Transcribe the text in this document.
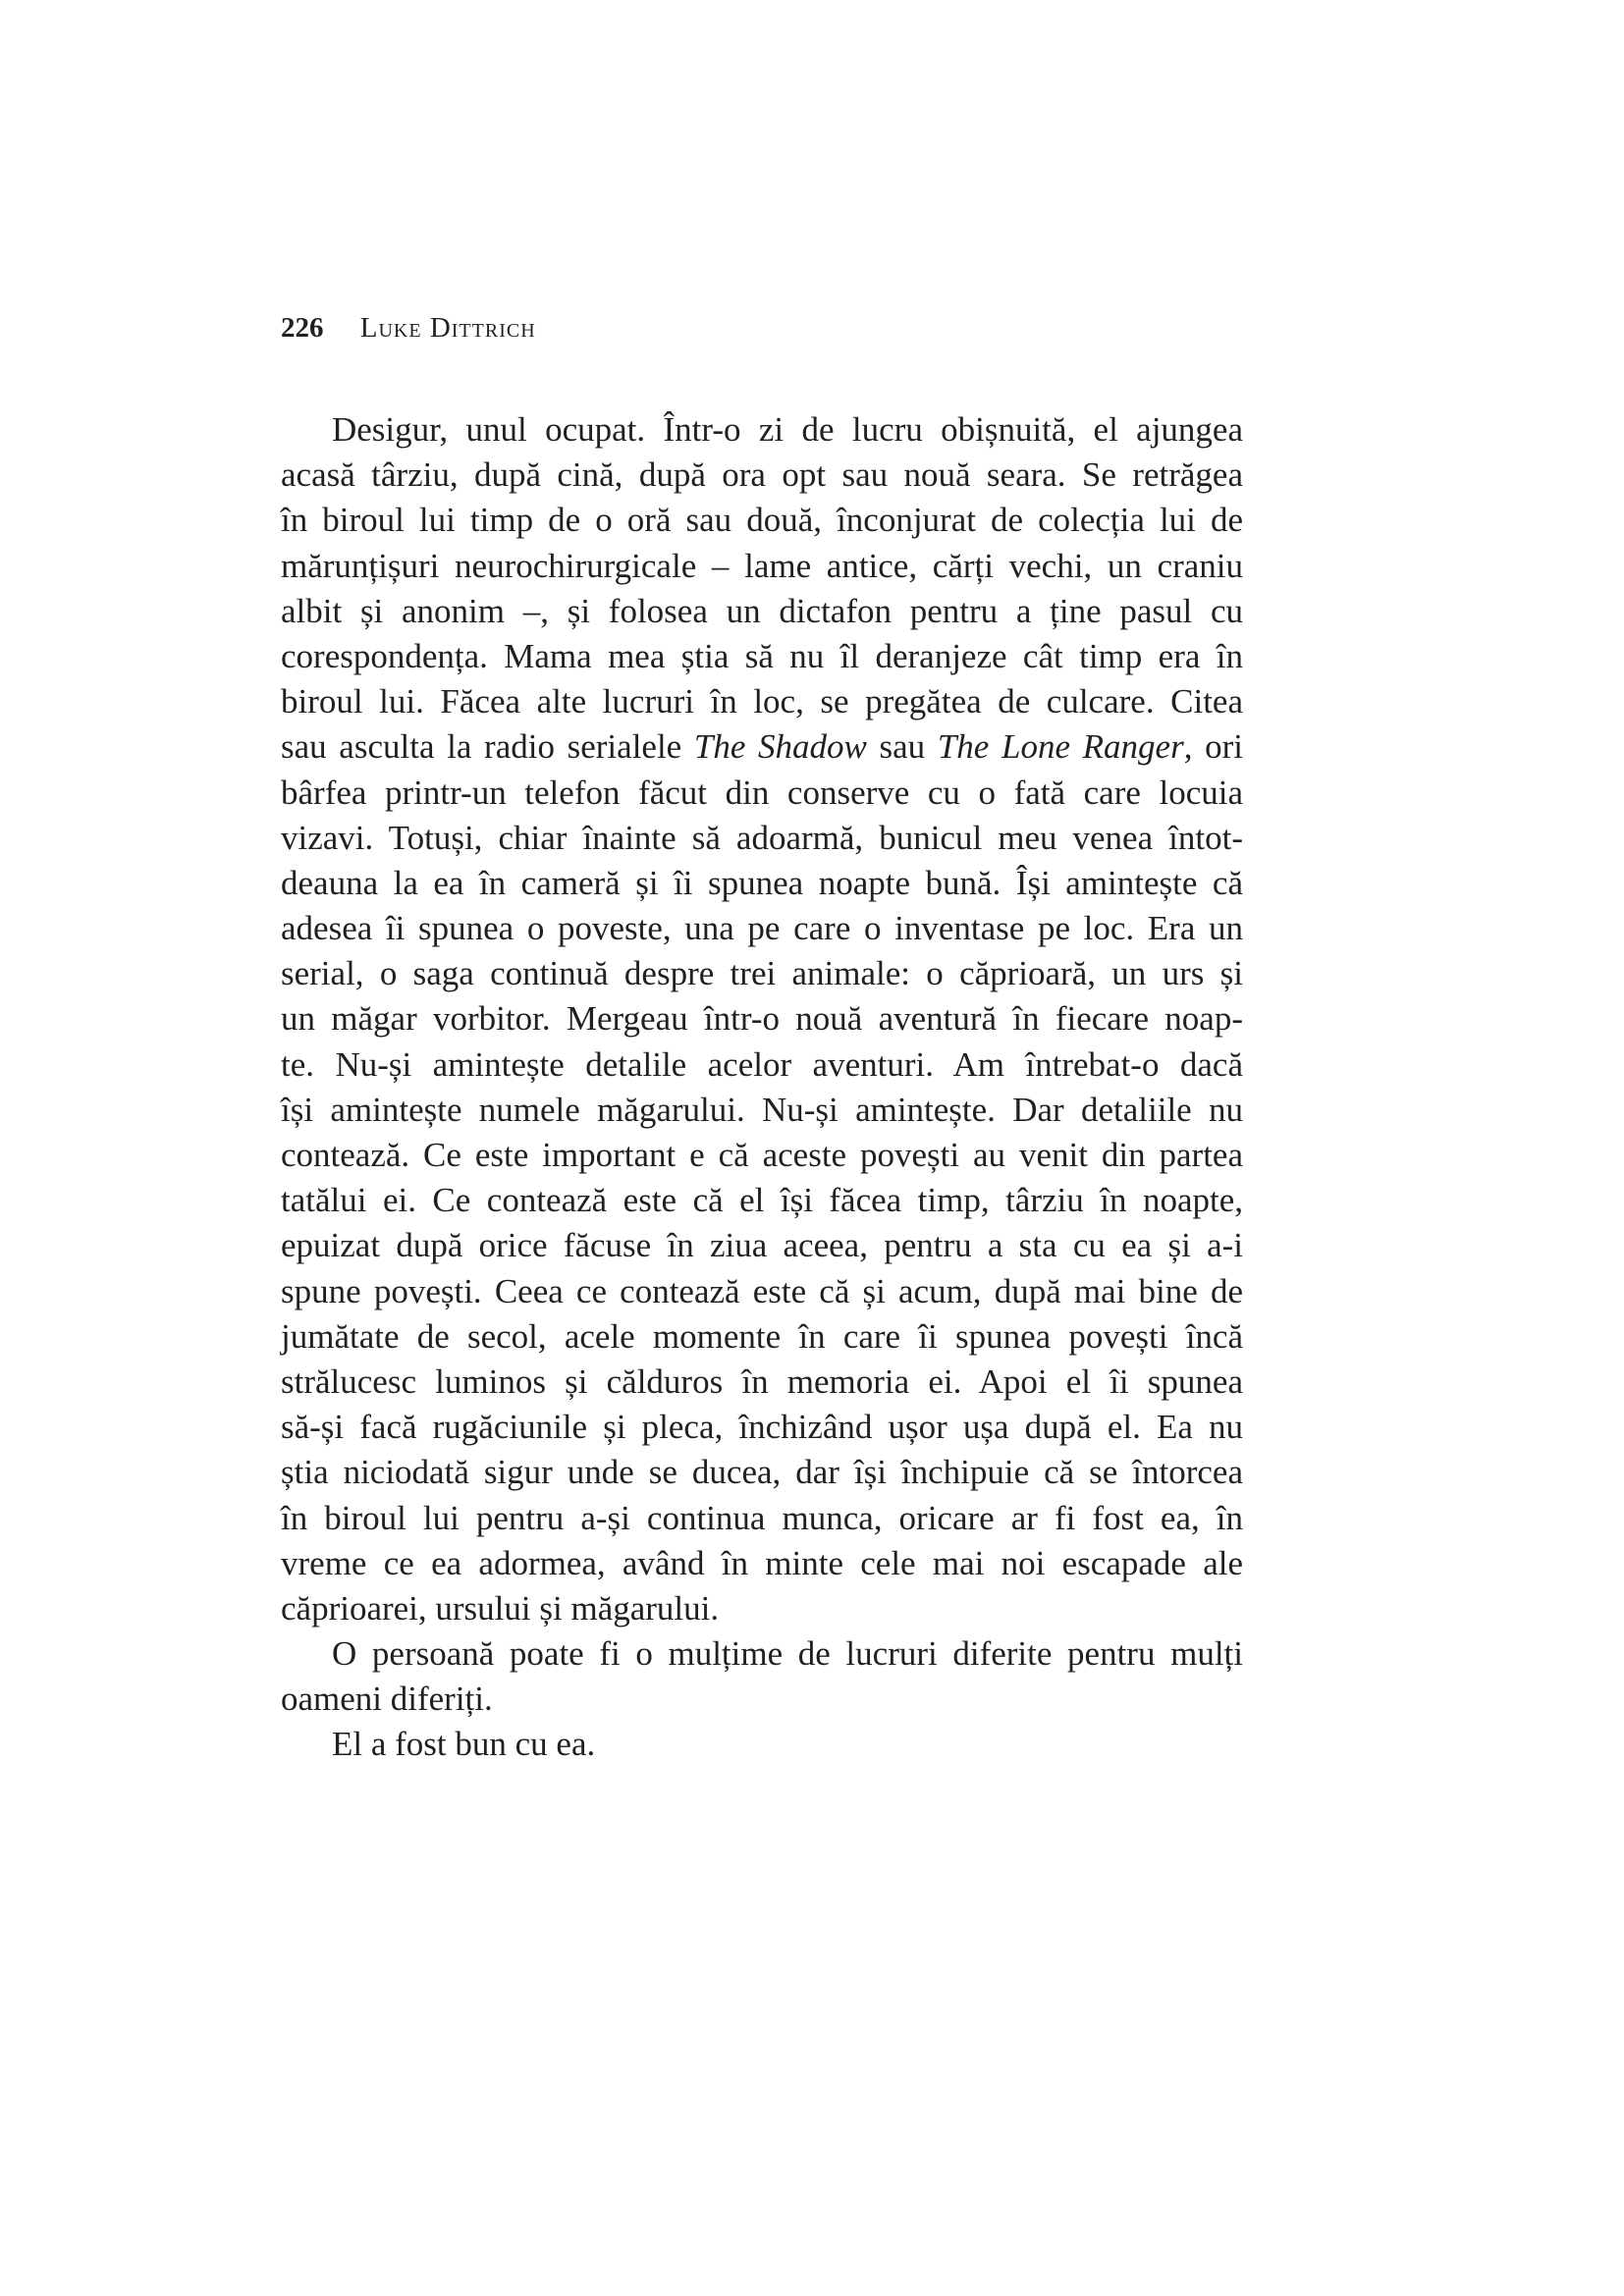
226 Luke Dittrich
Desigur, unul ocupat. Într-o zi de lucru obișnuită, el ajungea
acasă târziu, după cină, după ora opt sau nouă seara. Se retrăgea
în biroul lui timp de o oră sau două, înconjurat de colecția lui de
mărunțișuri neurochirurgicale – lame antice, cărți vechi, un craniu
albit și anonim –, și folosea un dictafon pentru a ține pasul cu
corespondența. Mama mea știa să nu îl deranjeze cât timp era în
biroul lui. Făcea alte lucruri în loc, se pregătea de culcare. Citea
sau asculta la radio serialele The Shadow sau The Lone Ranger, ori
bârfea printr-un telefon făcut din conserve cu o fată care locuia
vizavi. Totuși, chiar înainte să adoarmă, bunicul meu venea întot-
deauna la ea în cameră și îi spunea noapte bună. Își amintește că
adesea îi spunea o poveste, una pe care o inventase pe loc. Era un
serial, o saga continuă despre trei animale: o căprioară, un urs și
un măgar vorbitor. Mergeau într-o nouă aventură în fiecare noap-
te. Nu-și amintește detalile acelor aventuri. Am întrebat-o dacă
își amintește numele măgarului. Nu-și amintește. Dar detaliile nu
contează. Ce este important e că aceste povești au venit din partea
tatălui ei. Ce contează este că el își făcea timp, târziu în noapte,
epuizat după orice făcuse în ziua aceea, pentru a sta cu ea și a-i
spune povești. Ceea ce contează este că și acum, după mai bine de
jumătate de secol, acele momente în care îi spunea povești încă
strălucesc luminos și călduros în memoria ei. Apoi el îi spunea
să-și facă rugăciunile și pleca, închizând ușor ușa după el. Ea nu
știa niciodată sigur unde se ducea, dar își închipuie că se întorcea
în biroul lui pentru a-și continua munca, oricare ar fi fost ea, în
vreme ce ea adormea, având în minte cele mai noi escapade ale
căprioarei, ursului și măgarului.
O persoană poate fi o mulțime de lucruri diferite pentru mulți
oameni diferiți.
El a fost bun cu ea.
